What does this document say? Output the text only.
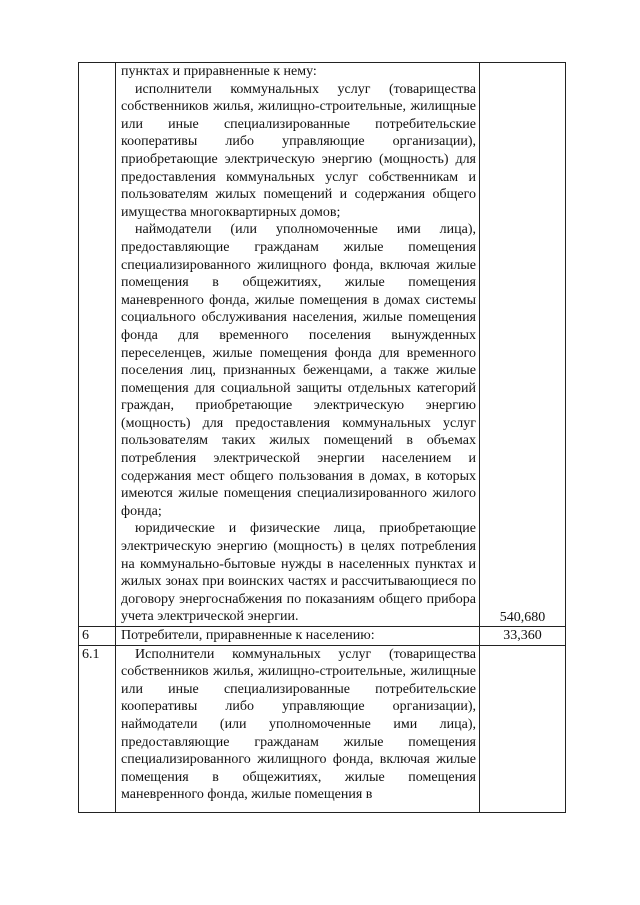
	пунктах и приравненные к нему:

исполнители коммунальных услуг (товарищества собственников жилья, жилищно-строительные, жилищные или иные специализированные потребительские кооперативы либо управляющие организации), приобретающие электрическую энергию (мощность) для предоставления коммунальных услуг собственникам и пользователям жилых помещений и содержания общего имущества многоквартирных домов;

наймодатели (или уполномоченные ими лица), предоставляющие гражданам жилые помещения специализированного жилищного фонда, включая жилые помещения в общежитиях, жилые помещения маневренного фонда, жилые помещения в домах системы социального обслуживания населения, жилые помещения фонда для временного поселения вынужденных переселенцев, жилые помещения фонда для временного поселения лиц, признанных беженцами, а также жилые помещения для социальной защиты отдельных категорий граждан, приобретающие электрическую энергию (мощность) для предоставления коммунальных услуг пользователям таких жилых помещений в объемах потребления электрической энергии населением и содержания мест общего пользования в домах, в которых имеются жилые помещения специализированного жилого фонда;

юридические и физические лица, приобретающие электрическую энергию (мощность) в целях потребления на коммунально-бытовые нужды в населенных пунктах и жилых зонах при воинских частях и рассчитывающиеся по договору энергоснабжения по показаниям общего прибора учета электрической энергии.	540,680
6	Потребители, приравненные к населению:	33,360
6.1	Исполнители коммунальных услуг (товарищества собственников жилья, жилищно-строительные, жилищные или иные специализированные потребительские кооперативы либо управляющие организации), наймодатели (или уполномоченные ими лица), предоставляющие гражданам жилые помещения специализированного жилищного фонда, включая жилые помещения в общежитиях, жилые помещения маневренного фонда, жилые помещения в	
